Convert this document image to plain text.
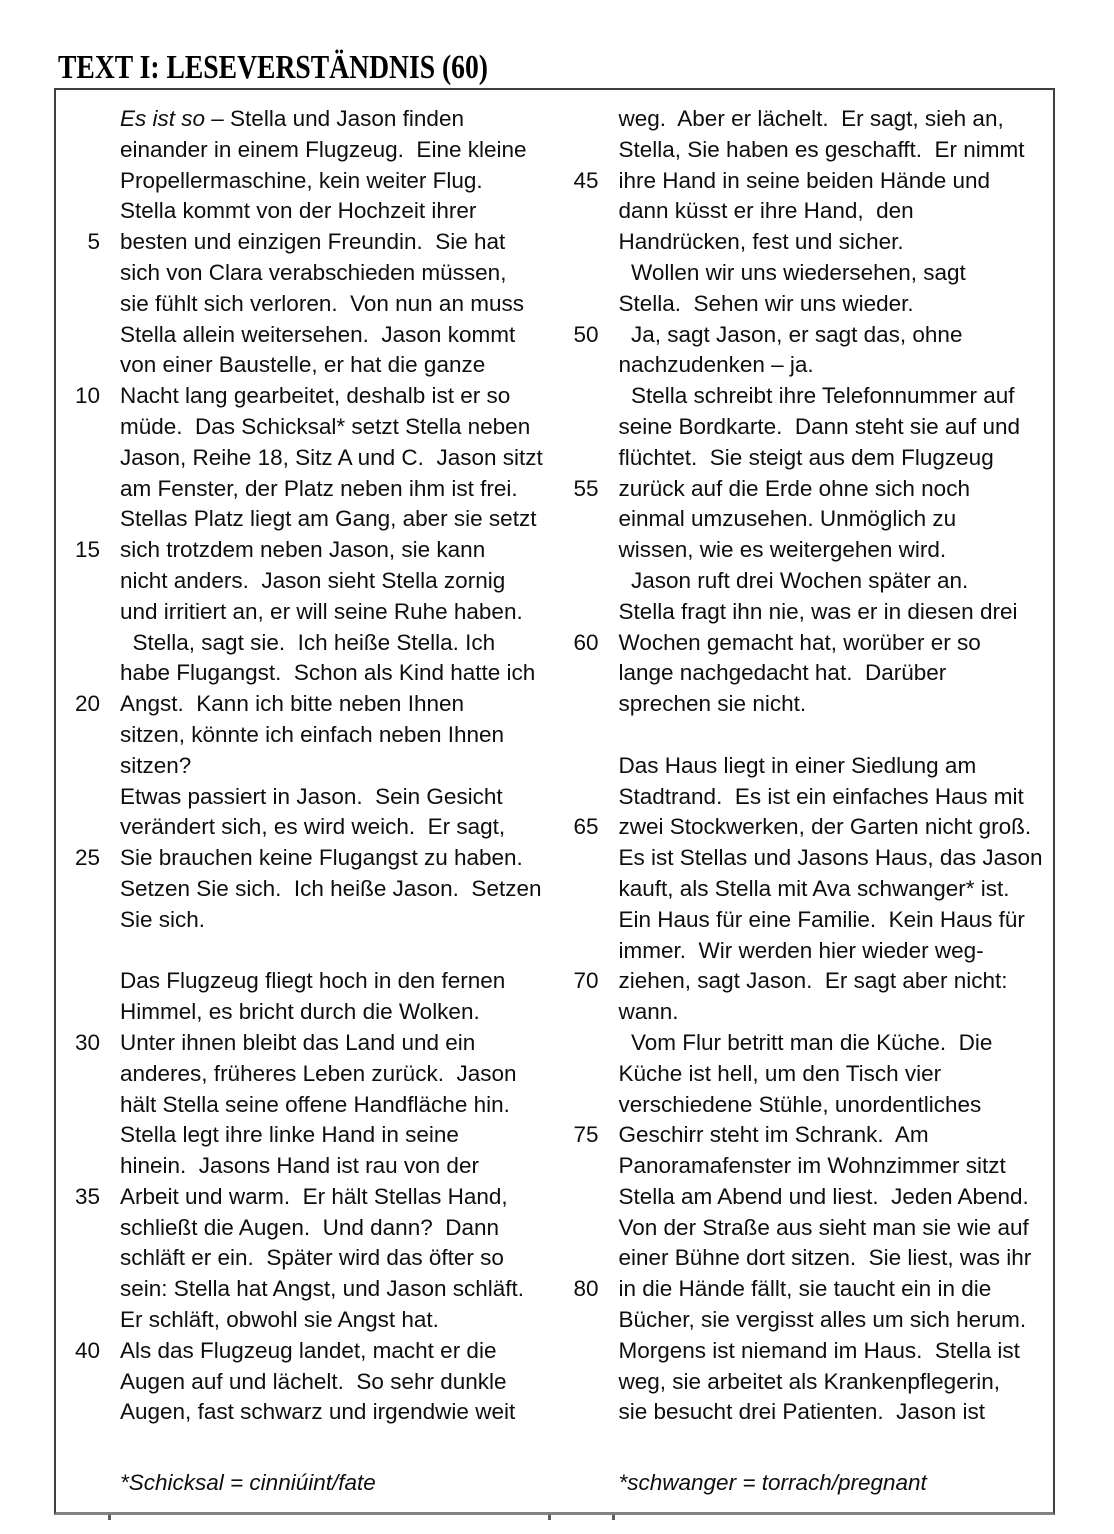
TEXT I: LESEVERSTÄNDNIS (60)
Es ist so – Stella und Jason finden
einander in einem Flugzeug.  Eine kleine
Propellermaschine, kein weiter Flug.
Stella kommt von der Hochzeit ihrer
5 besten und einzigen Freundin.  Sie hat
sich von Clara verabschieden müssen,
sie fühlt sich verloren.  Von nun an muss
Stella allein weitersehen.  Jason kommt
von einer Baustelle, er hat die ganze
10 Nacht lang gearbeitet, deshalb ist er so
müde.  Das Schicksal* setzt Stella neben
Jason, Reihe 18, Sitz A und C.  Jason sitzt
am Fenster, der Platz neben ihm ist frei.
Stellas Platz liegt am Gang, aber sie setzt
15 sich trotzdem neben Jason, sie kann
nicht anders.  Jason sieht Stella zornig
und irritiert an, er will seine Ruhe haben.
Stella, sagt sie.  Ich heiße Stella. Ich
habe Flugangst.  Schon als Kind hatte ich
20 Angst.  Kann ich bitte neben Ihnen
sitzen, könnte ich einfach neben Ihnen
sitzen?
Etwas passiert in Jason.  Sein Gesicht
verändert sich, es wird weich.  Er sagt,
25 Sie brauchen keine Flugangst zu haben.
Setzen Sie sich.  Ich heiße Jason.  Setzen
Sie sich.
Das Flugzeug fliegt hoch in den fernen
Himmel, es bricht durch die Wolken.
30 Unter ihnen bleibt das Land und ein
anderes, früheres Leben zurück.  Jason
hält Stella seine offene Handfläche hin.
Stella legt ihre linke Hand in seine
hinein.  Jasons Hand ist rau von der
35 Arbeit und warm.  Er hält Stellas Hand,
schließt die Augen.  Und dann?  Dann
schläft er ein.  Später wird das öfter so
sein: Stella hat Angst, und Jason schläft.
Er schläft, obwohl sie Angst hat.
40 Als das Flugzeug landet, macht er die
Augen auf und lächelt.  So sehr dunkle
Augen, fast schwarz und irgendwie weit
*Schicksal = cinniúint/fate
weg.  Aber er lächelt.  Er sagt, sieh an,
Stella, Sie haben es geschafft.  Er nimmt
45 ihre Hand in seine beiden Hände und
dann küsst er ihre Hand,  den
Handrücken, fest und sicher.
Wollen wir uns wiedersehen, sagt
Stella.  Sehen wir uns wieder.
50 Ja, sagt Jason, er sagt das, ohne
nachzudenken – ja.
Stella schreibt ihre Telefonnummer auf
seine Bordkarte.  Dann steht sie auf und
flüchtet.  Sie steigt aus dem Flugzeug
55 zurück auf die Erde ohne sich noch
einmal umzusehen. Unmöglich zu
wissen, wie es weitergehen wird.
Jason ruft drei Wochen später an.
Stella fragt ihn nie, was er in diesen drei
60 Wochen gemacht hat, worüber er so
lange nachgedacht hat.  Darüber
sprechen sie nicht.
Das Haus liegt in einer Siedlung am
Stadtrand.  Es ist ein einfaches Haus mit
65 zwei Stockwerken, der Garten nicht groß.
Es ist Stellas und Jasons Haus, das Jason
kauft, als Stella mit Ava schwanger* ist.
Ein Haus für eine Familie.  Kein Haus für
immer.  Wir werden hier wieder weg-
70 ziehen, sagt Jason.  Er sagt aber nicht:
wann.
Vom Flur betritt man die Küche.  Die
Küche ist hell, um den Tisch vier
verschiedene Stühle, unordentliches
75 Geschirr steht im Schrank.  Am
Panoramafenster im Wohnzimmer sitzt
Stella am Abend und liest.  Jeden Abend.
Von der Straße aus sieht man sie wie auf
einer Bühne dort sitzen.  Sie liest, was ihr
80 in die Hände fällt, sie taucht ein in die
Bücher, sie vergisst alles um sich herum.
Morgens ist niemand im Haus.  Stella ist
weg, sie arbeitet als Krankenpflegerin,
sie besucht drei Patienten.  Jason ist
*schwanger = torrach/pregnant
